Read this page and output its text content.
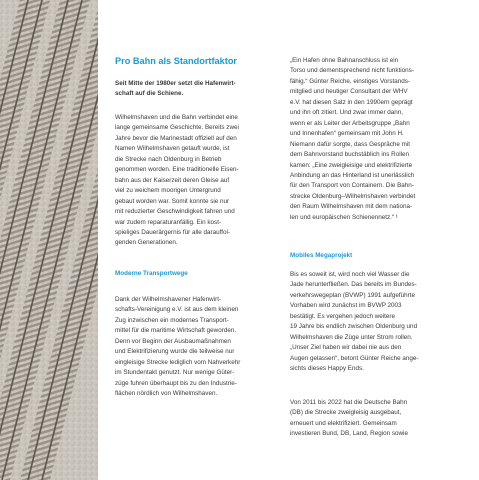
Pro Bahn als Standortfaktor
Seit Mitte der 1980er setzt die Hafenwirt-
schaft auf die Schiene.
Wilhelmshaven und die Bahn verbindet eine
lange gemeinsame Geschichte. Bereits zwei
Jahre bevor die Marinestadt offiziell auf den
Namen Wilhelmshaven getauft wurde, ist
die Strecke nach Oldenburg in Betrieb
genommen worden. Eine traditionelle Eisen-
bahn aus der Kaiserzeit deren Gleise auf
viel zu weichem moorigen Untergrund
gebaut worden war. Somit konnte sie nur
mit reduzierter Geschwindigkeit fahren und
war zudem reparaturanfällig. Ein kost-
spieliges Dauerärgernis für alle darauffol-
genden Generationen.
Moderne Transportwege
Dank der Wilhelmshavener Hafenwirt-
schafts-Vereinigung e.V. ist aus dem kleinen
Zug inzwischen ein modernes Transport-
mittel für die maritime Wirtschaft geworden.
Denn vor Beginn der Ausbaumaßnahmen
und Elektrifizierung wurde die teilweise nur
eingleisige Strecke lediglich vom Nahverkehr
im Stundentakt genutzt. Nur wenige Güter-
züge fuhren überhaupt bis zu den Industrie-
flächen nördlich von Wilhelmshaven.
„Ein Hafen ohne Bahnanschluss ist ein
Torso und dementsprechend nicht funktions-
fähig.“ Günter Reiche, einstiges Vorstands-
mitglied und heutiger Consultant der WHV
e.V. hat diesen Satz in den 1990ern geprägt
und ihn oft zitiert. Und zwar immer dann,
wenn er als Leiter der Arbeitsgruppe „Bahn
und Innenhafen“ gemeinsam mit John H.
Niemann dafür sorgte, dass Gespräche mit
dem Bahnvorstand buchstäblich ins Rollen
kamen: „Eine zweigleisige und elektrifizierte
Anbindung an das Hinterland ist unerlässlich
für den Transport von Containern. Die Bahn-
strecke Oldenburg–Wilhelmshaven verbindet
den Raum Wilhelmshaven mit dem nationa-
len und europäischen Schienennetz.“ ¹
Mobiles Megaprojekt
Bis es soweit ist, wird noch viel Wasser die
Jade herunterfließen. Das bereits im Bundes-
verkehrswegeplan (BVWP) 1991 aufgeführte
Vorhaben wird zunächst im BVWP 2003
bestätigt. Es vergehen jedoch weitere
19 Jahre bis endlich zwischen Oldenburg und
Wilhelmshaven die Züge unter Strom rollen.
„Unser Ziel haben wir dabei nie aus den
Augen gelassen“, betont Günter Reiche ange-
sichts dieses Happy Ends.
Von 2011 bis 2022 hat die Deutsche Bahn
(DB) die Strecke zweigleisig ausgebaut,
erneuert und elektrifiziert. Gemeinsam
investieren Bund, DB, Land, Region sowie
